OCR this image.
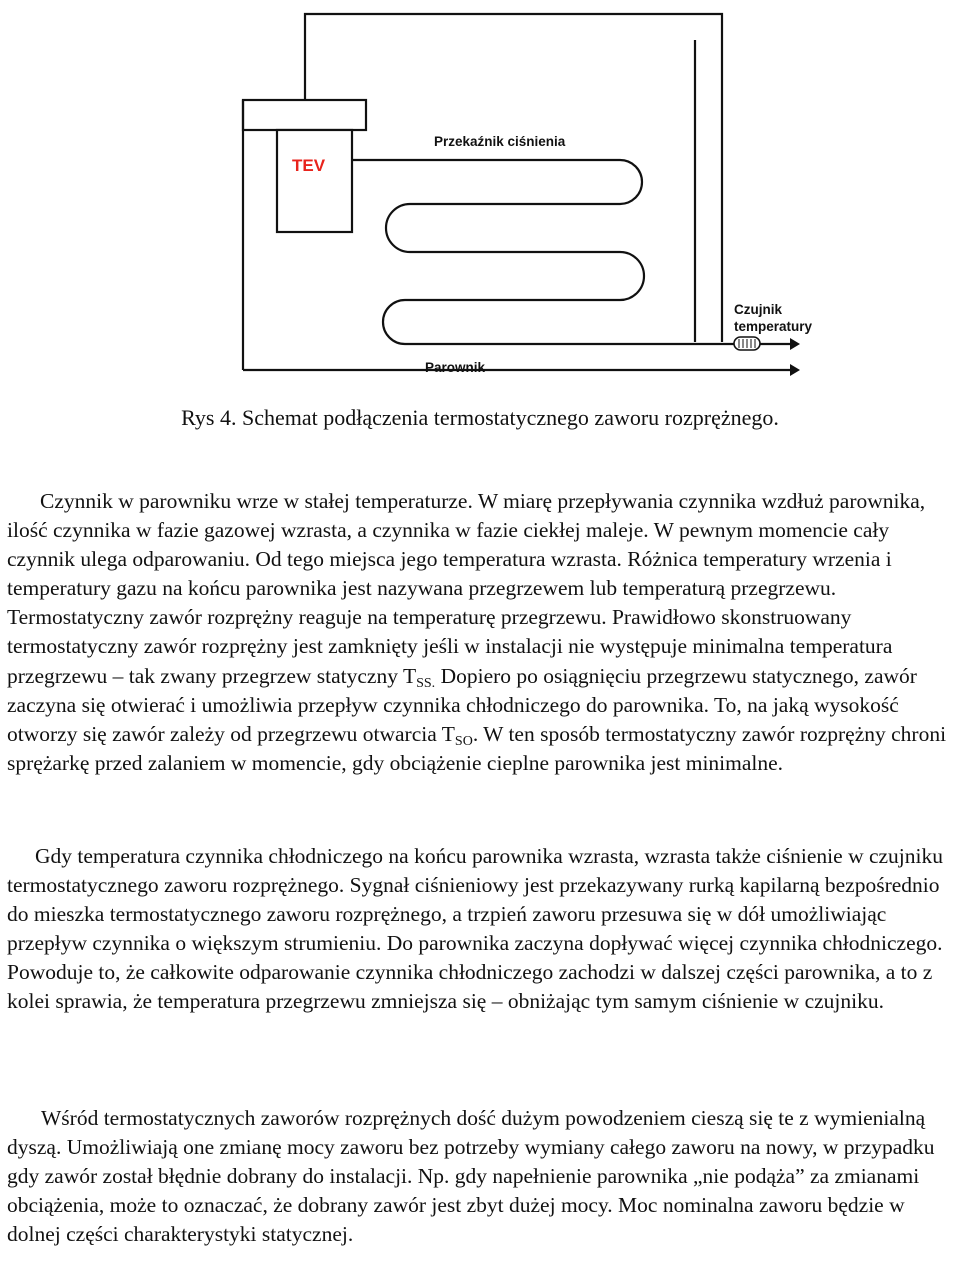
TEV
Przekaźnik ciśnienia
Czujnik
temperatury
Parownik
Rys 4. Schemat podłączenia termostatycznego zaworu rozprężnego.

Czynnik w parowniku wrze w stałej temperaturze. W miarę przepływania czynnika wzdłuż parownika, ilość czynnika w fazie gazowej wzrasta, a czynnika w fazie ciekłej maleje. W pewnym momencie cały czynnik ulega odparowaniu. Od tego miejsca jego temperatura wzrasta. Różnica temperatury wrzenia i temperatury gazu na końcu parownika jest nazywana przegrzewem lub temperaturą przegrzewu. Termostatyczny zawór rozprężny reaguje na temperaturę przegrzewu. Prawidłowo skonstruowany termostatyczny zawór rozprężny jest zamknięty jeśli w instalacji nie występuje minimalna temperatura przegrzewu – tak zwany przegrzew statyczny $T_{SS.}$ Dopiero po osiągnięciu przegrzewu statycznego, zawór zaczyna się otwierać i umożliwia przepływ czynnika chłodniczego do parownika. To, na jaką wysokość otworzy się zawór zależy od przegrzewu otwarcia $T_{SO}$. W ten sposób termostatyczny zawór rozprężny chroni sprężarkę przed zalaniem w momencie, gdy obciążenie cieplne parownika jest minimalne.

Gdy temperatura czynnika chłodniczego na końcu parownika wzrasta, wzrasta także ciśnienie w czujniku termostatycznego zaworu rozprężnego. Sygnał ciśnieniowy jest przekazywany rurką kapilarną bezpośrednio do mieszka termostatycznego zaworu rozprężnego, a trzpień zaworu przesuwa się w dół umożliwiając przepływ czynnika o większym strumieniu. Do parownika zaczyna dopływać więcej czynnika chłodniczego. Powoduje to, że całkowite odparowanie czynnika chłodniczego zachodzi w dalszej części parownika, a to z kolei sprawia, że temperatura przegrzewu zmniejsza się – obniżając tym samym ciśnienie w czujniku.

Wśród termostatycznych zaworów rozprężnych dość dużym powodzeniem cieszą się te z wymienialną dyszą. Umożliwiają one zmianę mocy zaworu bez potrzeby wymiany całego zaworu na nowy, w przypadku gdy zawór został błędnie dobrany do instalacji. Np. gdy napełnienie parownika „nie podąża” za zmianami obciążenia, może to oznaczać, że dobrany zawór jest zbyt dużej mocy. Moc nominalna zaworu będzie w dolnej części charakterystyki statycznej.
